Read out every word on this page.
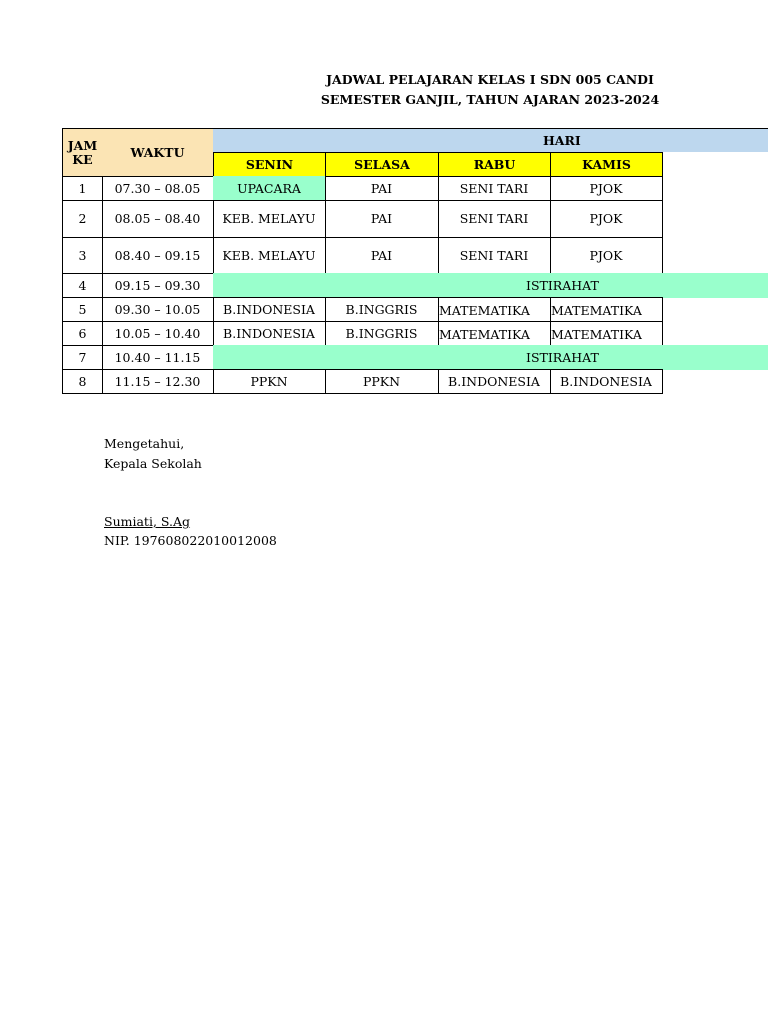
JADWAL PELAJARAN KELAS I SDN 005 CANDI
SEMESTER GANJIL, TAHUN AJARAN 2023-2024
JAM
KE	WAKTU
HARI
SENIN	SELASA	RABU	KAMIS
1	07.30 – 08.05	UPACARA	PAI	SENI TARI	PJOK
2	08.05 – 08.40	KEB. MELAYU	PAI	SENI TARI	PJOK
3	08.40 – 09.15	KEB. MELAYU	PAI	SENI TARI	PJOK
4	09.15 – 09.30	ISTIRAHAT
5	09.30 – 10.05	B.INDONESIA	B.INGGRIS	MATEMATIKA	MATEMATIKA
6	10.05 – 10.40	B.INDONESIA	B.INGGRIS	MATEMATIKA	MATEMATIKA
7	10.40 – 11.15	ISTIRAHAT
8	11.15 – 12.30	PPKN	PPKN	B.INDONESIA	B.INDONESIA
Mengetahui,
Kepala Sekolah
Sumiati, S.Ag
NIP. 197608022010012008
